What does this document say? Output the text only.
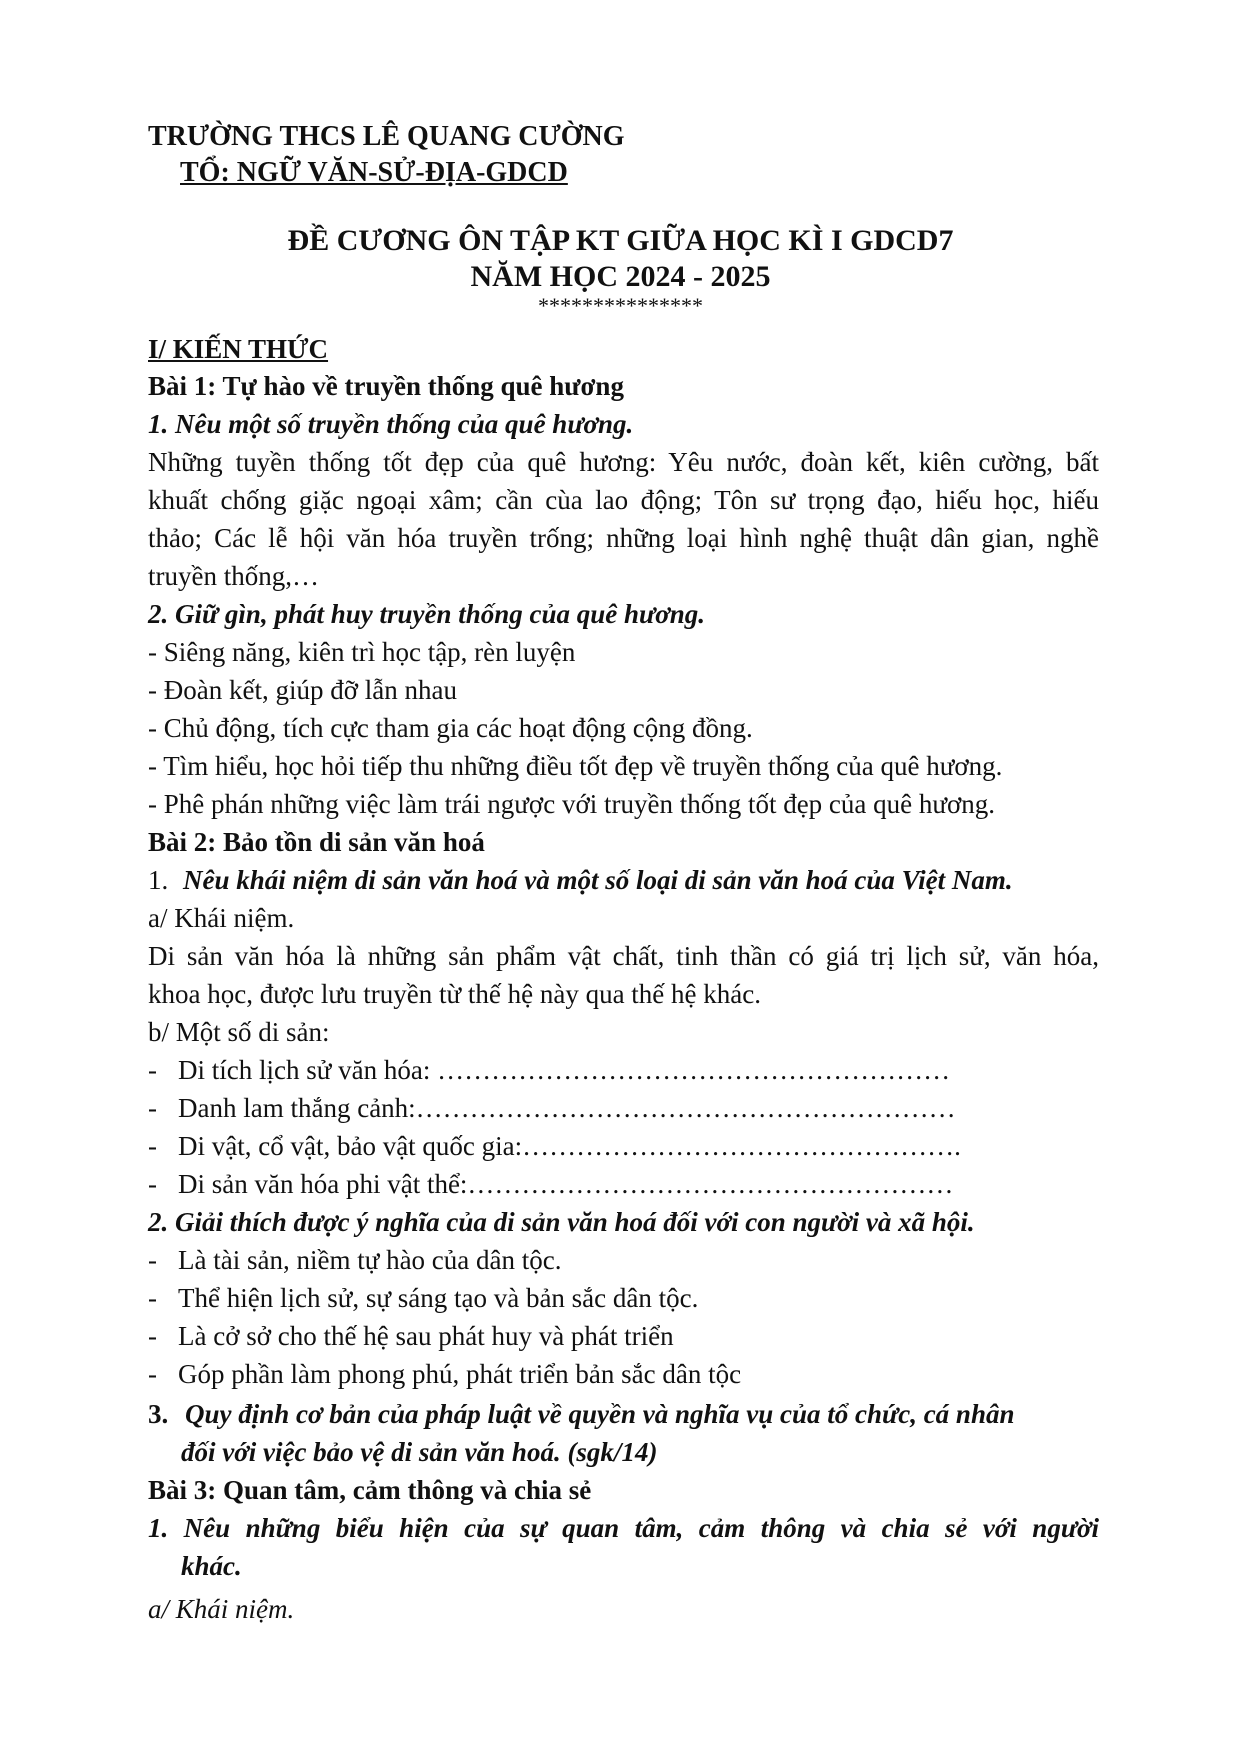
TRƯỜNG THCS LÊ QUANG CƯỜNG
TỔ: NGỮ VĂN-SỬ-ĐỊA-GDCD
ĐỀ CƯƠNG ÔN TẬP KT GIỮA HỌC KÌ I GDCD7
NĂM HỌC 2024 - 2025
***************
I/ KIẾN THỨC
Bài 1: Tự hào về truyền thống quê hương
1. Nêu một số truyền thống của quê hương.
Những tuyền thống tốt đẹp của quê hương: Yêu nước, đoàn kết, kiên cường, bất
khuất chống giặc ngoại xâm; cần cùa lao động; Tôn sư trọng đạo, hiếu học, hiếu
thảo; Các lễ hội văn hóa truyền trống; những loại hình nghệ thuật dân gian, nghề
truyền thống,…
2. Giữ gìn, phát huy truyền thống của quê hương.
- Siêng năng, kiên trì học tập, rèn luyện
- Đoàn kết, giúp đỡ lẫn nhau
- Chủ động, tích cực tham gia các hoạt động cộng đồng.
- Tìm hiểu, học hỏi tiếp thu những điều tốt đẹp về truyền thống của quê hương.
- Phê phán những việc làm trái ngược với truyền thống tốt đẹp của quê hương.
Bài 2: Bảo tồn di sản văn hoá
1. Nêu khái niệm di sản văn hoá và một số loại di sản văn hoá của Việt Nam.
a/ Khái niệm.
Di sản văn hóa là những sản phẩm vật chất, tinh thần có giá trị lịch sử, văn hóa,
khoa học, được lưu truyền từ thế hệ này qua thế hệ khác.
b/ Một số di sản:
- Di tích lịch sử văn hóa: …………………………………………………
- Danh lam thắng cảnh:……………………………………………………
- Di vật, cổ vật, bảo vật quốc gia:………………………………………….
- Di sản văn hóa phi vật thể:………………………………………………
2. Giải thích được ý nghĩa của di sản văn hoá đối với con người và xã hội.
- Là tài sản, niềm tự hào của dân tộc.
- Thể hiện lịch sử, sự sáng tạo và bản sắc dân tộc.
- Là cở sở cho thế hệ sau phát huy và phát triển
- Góp phần làm phong phú, phát triển bản sắc dân tộc
3. Quy định cơ bản của pháp luật về quyền và nghĩa vụ của tổ chức, cá nhân
đối với việc bảo vệ di sản văn hoá. (sgk/14)
Bài 3: Quan tâm, cảm thông và chia sẻ
1. Nêu những biểu hiện của sự quan tâm, cảm thông và chia sẻ với người
khác.
a/ Khái niệm.
